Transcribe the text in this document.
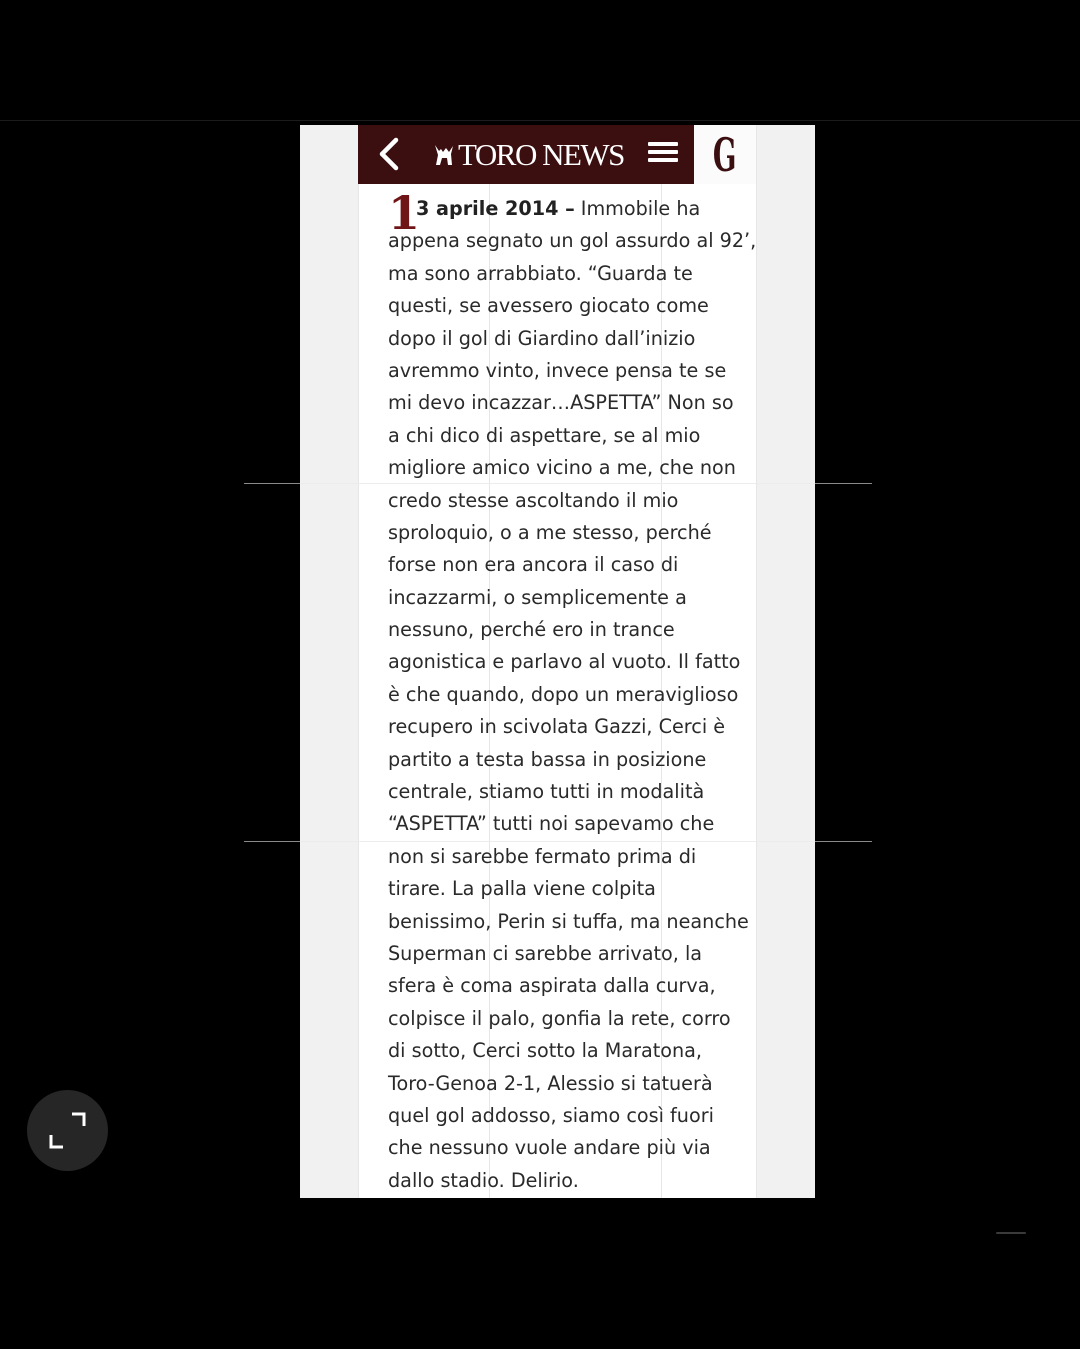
TORO NEWS G
1
3 aprile 2014 – Immobile ha
appena segnato un gol assurdo al 92’,
ma sono arrabbiato. “Guarda te
questi, se avessero giocato come
dopo il gol di Giardino dall’inizio
avremmo vinto, invece pensa te se
mi devo incazzar…ASPETTA” Non so
a chi dico di aspettare, se al mio
migliore amico vicino a me, che non
credo stesse ascoltando il mio
sproloquio, o a me stesso, perché
forse non era ancora il caso di
incazzarmi, o semplicemente a
nessuno, perché ero in trance
agonistica e parlavo al vuoto. Il fatto
è che quando, dopo un meraviglioso
recupero in scivolata Gazzi, Cerci è
partito a testa bassa in posizione
centrale, stiamo tutti in modalità
“ASPETTA” tutti noi sapevamo che
non si sarebbe fermato prima di
tirare. La palla viene colpita
benissimo, Perin si tuffa, ma neanche
Superman ci sarebbe arrivato, la
sfera è coma aspirata dalla curva,
colpisce il palo, gonfia la rete, corro
di sotto, Cerci sotto la Maratona,
Toro-Genoa 2-1, Alessio si tatuerà
quel gol addosso, siamo così fuori
che nessuno vuole andare più via
dallo stadio. Delirio.
